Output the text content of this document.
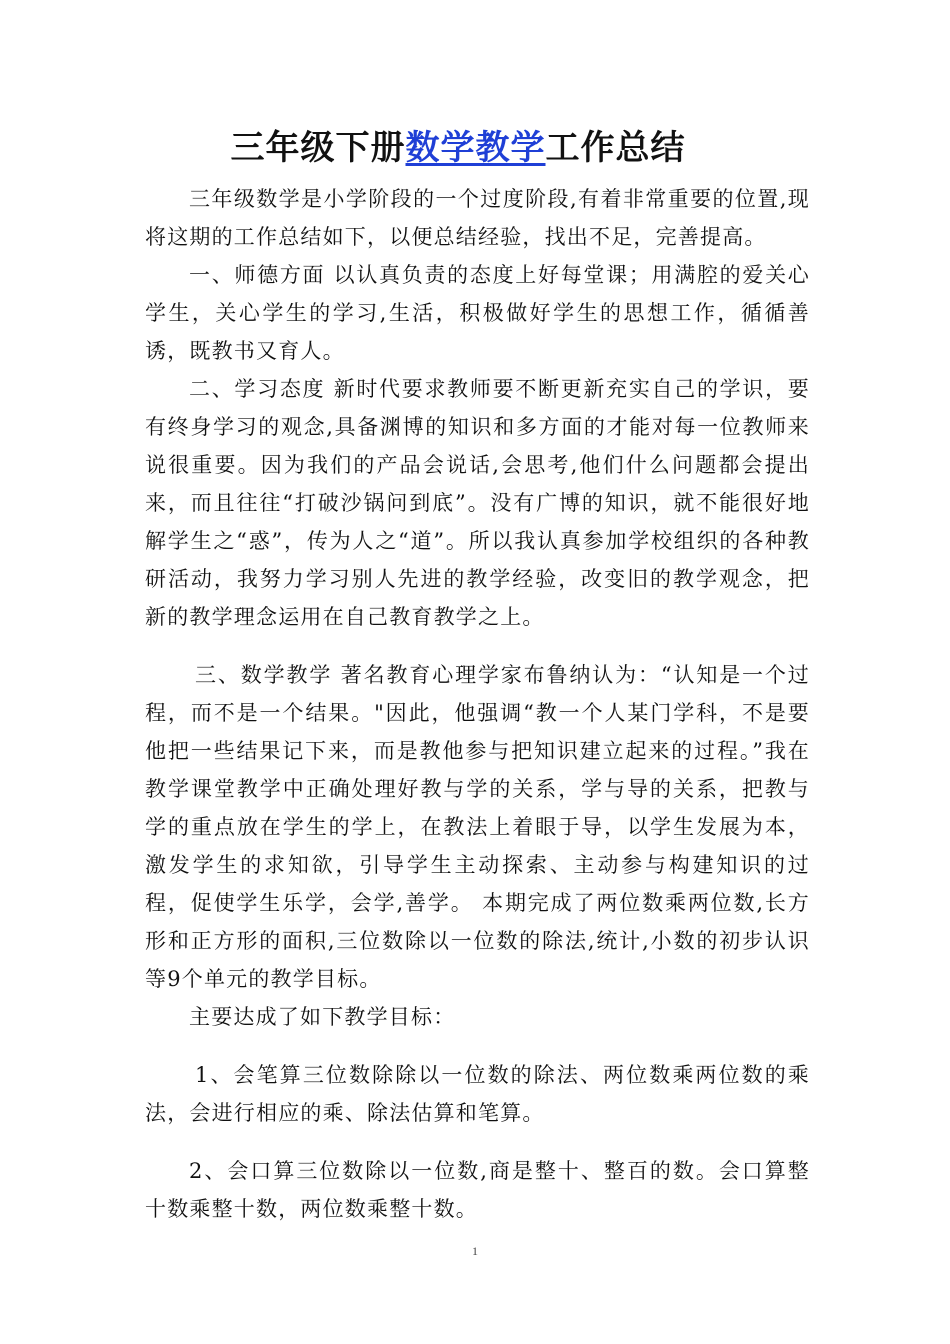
三年级下册数学教学工作总结

三年级数学是小学阶段的一个过度阶段,有着非常重要的位置,现将这期的工作总结如下，以便总结经验，找出不足，完善提高。

一、师德方面 以认真负责的态度上好每堂课；用满腔的爱关心学生，关心学生的学习,生活，积极做好学生的思想工作，循循善诱，既教书又育人。

二、学习态度 新时代要求教师要不断更新充实自己的学识，要有终身学习的观念,具备渊博的知识和多方面的才能对每一位教师来说很重要。因为我们的产品会说话,会思考,他们什么问题都会提出来，而且往往“打破沙锅问到底”。没有广博的知识，就不能很好地解学生之“惑”，传为人之“道”。所以我认真参加学校组织的各种教研活动，我努力学习别人先进的教学经验，改变旧的教学观念，把新的教学理念运用在自己教育教学之上。

三、数学教学 著名教育心理学家布鲁纳认为：“认知是一个过程，而不是一个结果。"因此，他强调“教一个人某门学科，不是要他把一些结果记下来，而是教他参与把知识建立起来的过程。”我在教学课堂教学中正确处理好教与学的关系，学与导的关系，把教与学的重点放在学生的学上，在教法上着眼于导，以学生发展为本，激发学生的求知欲，引导学生主动探索、主动参与构建知识的过程，促使学生乐学，会学,善学。 本期完成了两位数乘两位数,长方形和正方形的面积,三位数除以一位数的除法,统计,小数的初步认识等9个单元的教学目标。

主要达成了如下教学目标：

1、会笔算三位数除除以一位数的除法、两位数乘两位数的乘法，会进行相应的乘、除法估算和笔算。

2、会口算三位数除以一位数,商是整十、整百的数。会口算整十数乘整十数，两位数乘整十数。

1
